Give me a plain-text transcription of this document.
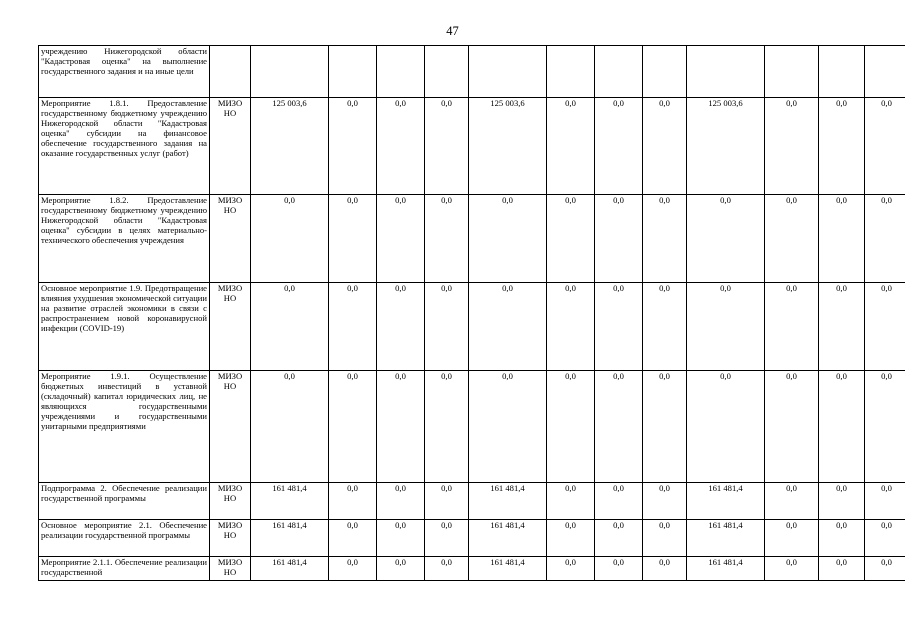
47
учреждению Нижегородской области "Кадастровая оценка" на выполнение государственного задания и на иные цели													
Мероприятие 1.8.1. Предоставление государственному бюджетному учреждению Нижегородской области "Кадастровая оценка" субсидии на финансовое обеспечение государственного задания на оказание государственных услуг (работ)	МИЗО НО	125 003,6	0,0	0,0	0,0	125 003,6	0,0	0,0	0,0	125 003,6	0,0	0,0	0,0
Мероприятие 1.8.2. Предоставление государственному бюджетному учреждению Нижегородской области "Кадастровая оценка" субсидии в целях материально-технического обеспечения учреждения	МИЗО НО	0,0	0,0	0,0	0,0	0,0	0,0	0,0	0,0	0,0	0,0	0,0	0,0
Основное мероприятие 1.9. Предотвращение влияния ухудшения экономической ситуации на развитие отраслей экономики в связи с распространением новой коронавирусной инфекции (COVID-19)	МИЗО НО	0,0	0,0	0,0	0,0	0,0	0,0	0,0	0,0	0,0	0,0	0,0	0,0
Мероприятие 1.9.1. Осуществление бюджетных инвестиций в уставной (складочный) капитал юридических лиц, не являющихся государственными учреждениями и государственными унитарными предприятиями	МИЗО НО	0,0	0,0	0,0	0,0	0,0	0,0	0,0	0,0	0,0	0,0	0,0	0,0
Подпрограмма 2. Обеспечение реализации государственной программы	МИЗО НО	161 481,4	0,0	0,0	0,0	161 481,4	0,0	0,0	0,0	161 481,4	0,0	0,0	0,0
Основное мероприятие 2.1. Обеспечение реализации государственной программы	МИЗО НО	161 481,4	0,0	0,0	0,0	161 481,4	0,0	0,0	0,0	161 481,4	0,0	0,0	0,0
Мероприятие 2.1.1. Обеспечение реализации государственной	МИЗО НО	161 481,4	0,0	0,0	0,0	161 481,4	0,0	0,0	0,0	161 481,4	0,0	0,0	0,0
